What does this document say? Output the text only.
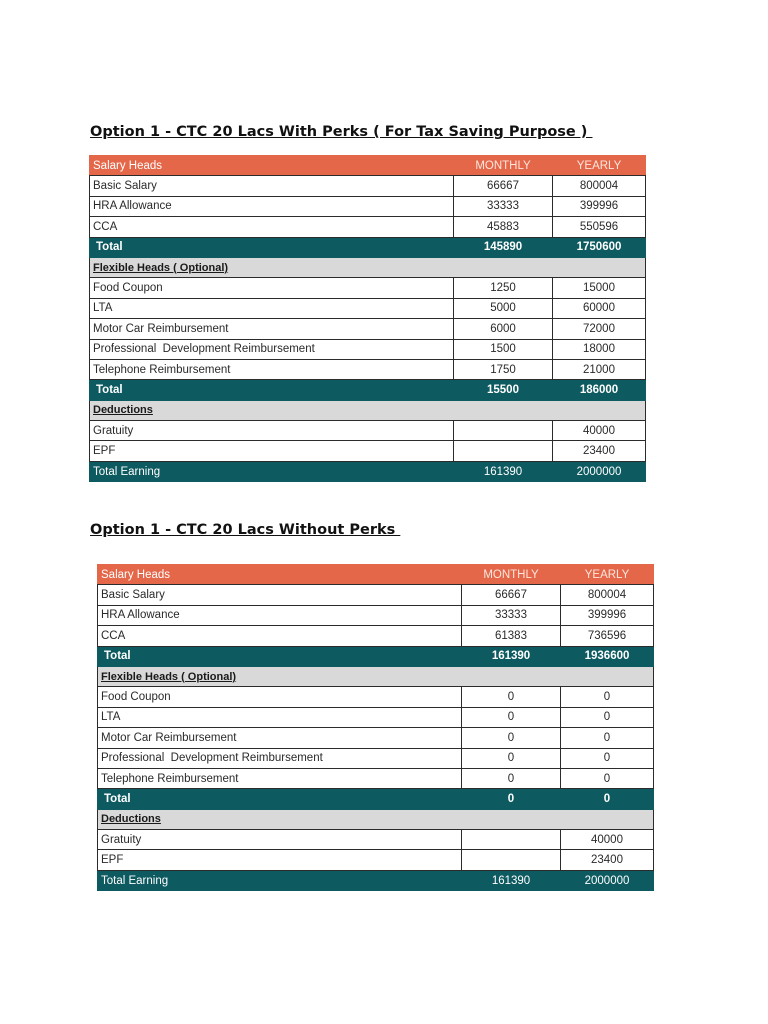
Option 1 - CTC 20 Lacs With Perks ( For Tax Saving Purpose )
Salary Heads	MONTHLY	YEARLY
Basic Salary	66667	800004
HRA Allowance	33333	399996
CCA	45883	550596
Total	145890	1750600
Flexible Heads ( Optional)		
Food Coupon	1250	15000
LTA	5000	60000
Motor Car Reimbursement	6000	72000
Professional  Development Reimbursement	1500	18000
Telephone Reimbursement	1750	21000
Total	15500	186000
Deductions		
Gratuity		40000
EPF		23400
Total Earning	161390	2000000
Option 1 - CTC 20 Lacs Without Perks
Salary Heads	MONTHLY	YEARLY
Basic Salary	66667	800004
HRA Allowance	33333	399996
CCA	61383	736596
Total	161390	1936600
Flexible Heads ( Optional)		
Food Coupon	0	0
LTA	0	0
Motor Car Reimbursement	0	0
Professional  Development Reimbursement	0	0
Telephone Reimbursement	0	0
Total	0	0
Deductions		
Gratuity		40000
EPF		23400
Total Earning	161390	2000000
